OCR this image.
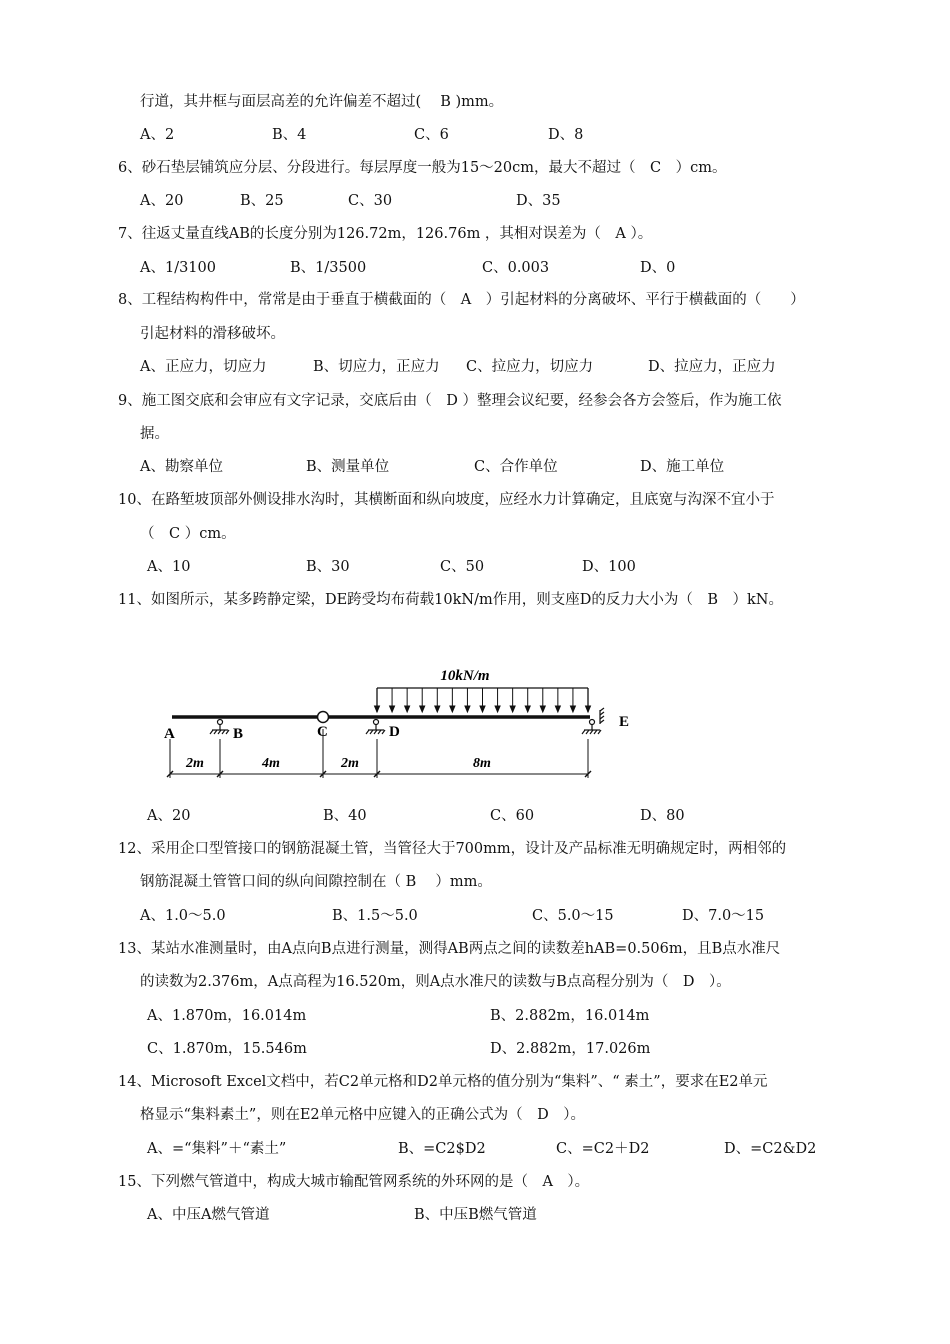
行道，其井框与面层高差的允许偏差不超过(　 B )mm。
6、砂石垫层铺筑应分层、分段进行。每层厚度一般为15～20cm，最大不超过（　C　）cm。
7、往返丈量直线AB的长度分别为126.72m，126.76m ，其相对误差为（　A ）。
8、工程结构构件中，常常是由于垂直于横截面的（　A　）引起材料的分离破坏、平行于横截面的（　　）
引起材料的滑移破坏。
9、施工图交底和会审应有文字记录，交底后由（　D ）整理会议纪要，经参会各方会签后，作为施工依
据。
10、在路堑坡顶部外侧设排水沟时，其横断面和纵向坡度，应经水力计算确定，且底宽与沟深不宜小于
（　C ）cm。
11、如图所示，某多跨静定梁，DE跨受均布荷载10kN/m作用，则支座D的反力大小为（　B　）kN。
12、采用企口型管接口的钢筋混凝土管，当管径大于700mm，设计及产品标准无明确规定时，两相邻的
钢筋混凝土管管口间的纵向间隙控制在（ B 　）mm。
13、某站水准测量时，由A点向B点进行测量，测得AB两点之间的读数差hAB=0.506m，且B点水准尺
的读数为2.376m，A点高程为16.520m，则A点水准尺的读数与B点高程分别为（　D　）。
14、Microsoft Excel文档中，若C2单元格和D2单元格的值分别为“集料”、“ 素土”，要求在E2单元
格显示“集料素土”，则在E2单元格中应键入的正确公式为（　D　）。
15、下列燃气管道中，构成大城市输配管网系统的外环网的是（　A　）。
A、2	B、4	C、6	D、8
A、20	B、25	C、30	D、35
A、1/3100	B、1/3500	C、0.003	D、0
A、正应力，切应力	B、切应力，正应力 C、拉应力，切应力	D、拉应力，正应力
A、勘察单位	B、测量单位	C、合作单位	D、施工单位
A、10	B、30	C、50	D、100
A、20	B、40	C、60	D、80
A、1.0～5.0	B、1.5～5.0	C、5.0～15	D、7.0～15
A、1.870m，16.014m	B、2.882m，16.014m
C、1.870m，15.546m	D、2.882m，17.026m
A、=“集料”＋“素土”	B、=C2$D2	C、=C2＋D2	D、=C2&D2
A、中压A燃气管道	B、中压B燃气管道
10kN/m
A	B	C	D
E
2m	4m	2m	8m
